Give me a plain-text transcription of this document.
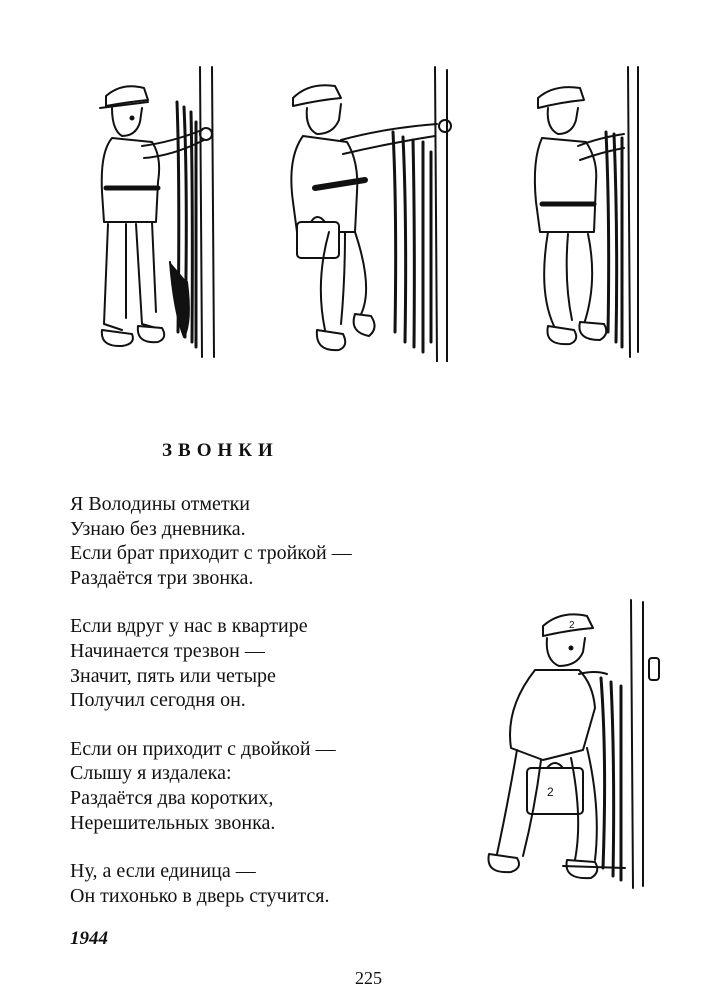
2
2
ЗВОНКИ
Я Володины отметки
Узнаю без дневника.
Если брат приходит с тройкой —
Раздаётся три звонка.
Если вдруг у нас в квартире
Начинается трезвон —
Значит, пять или четыре
Получил сегодня он.
Если он приходит с двойкой —
Слышу я издалека:
Раздаётся два коротких,
Нерешительных звонка.
Ну, а если единица —
Он тихонько в дверь стучится.
1944
225
